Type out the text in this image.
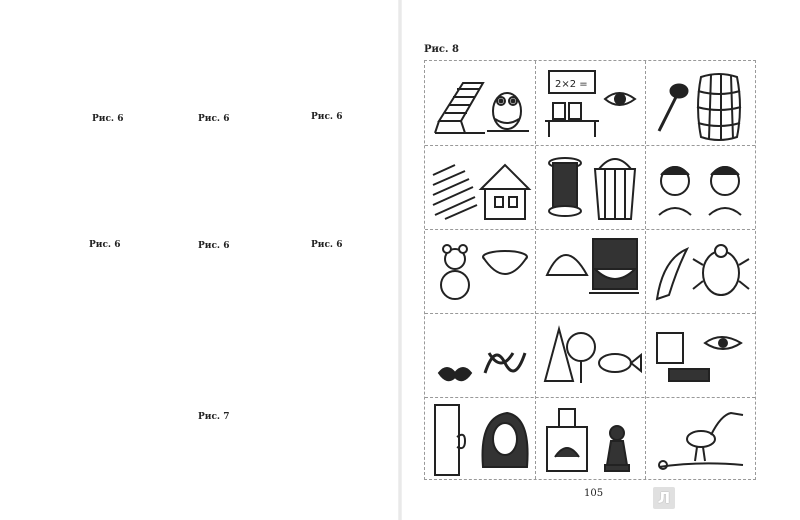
Рис. 6	Рис. 6	Рис. 6
Рис. 6	Рис. 6	Рис. 6
Рис. 7
Рис. 8
2×2 =
105	Л
